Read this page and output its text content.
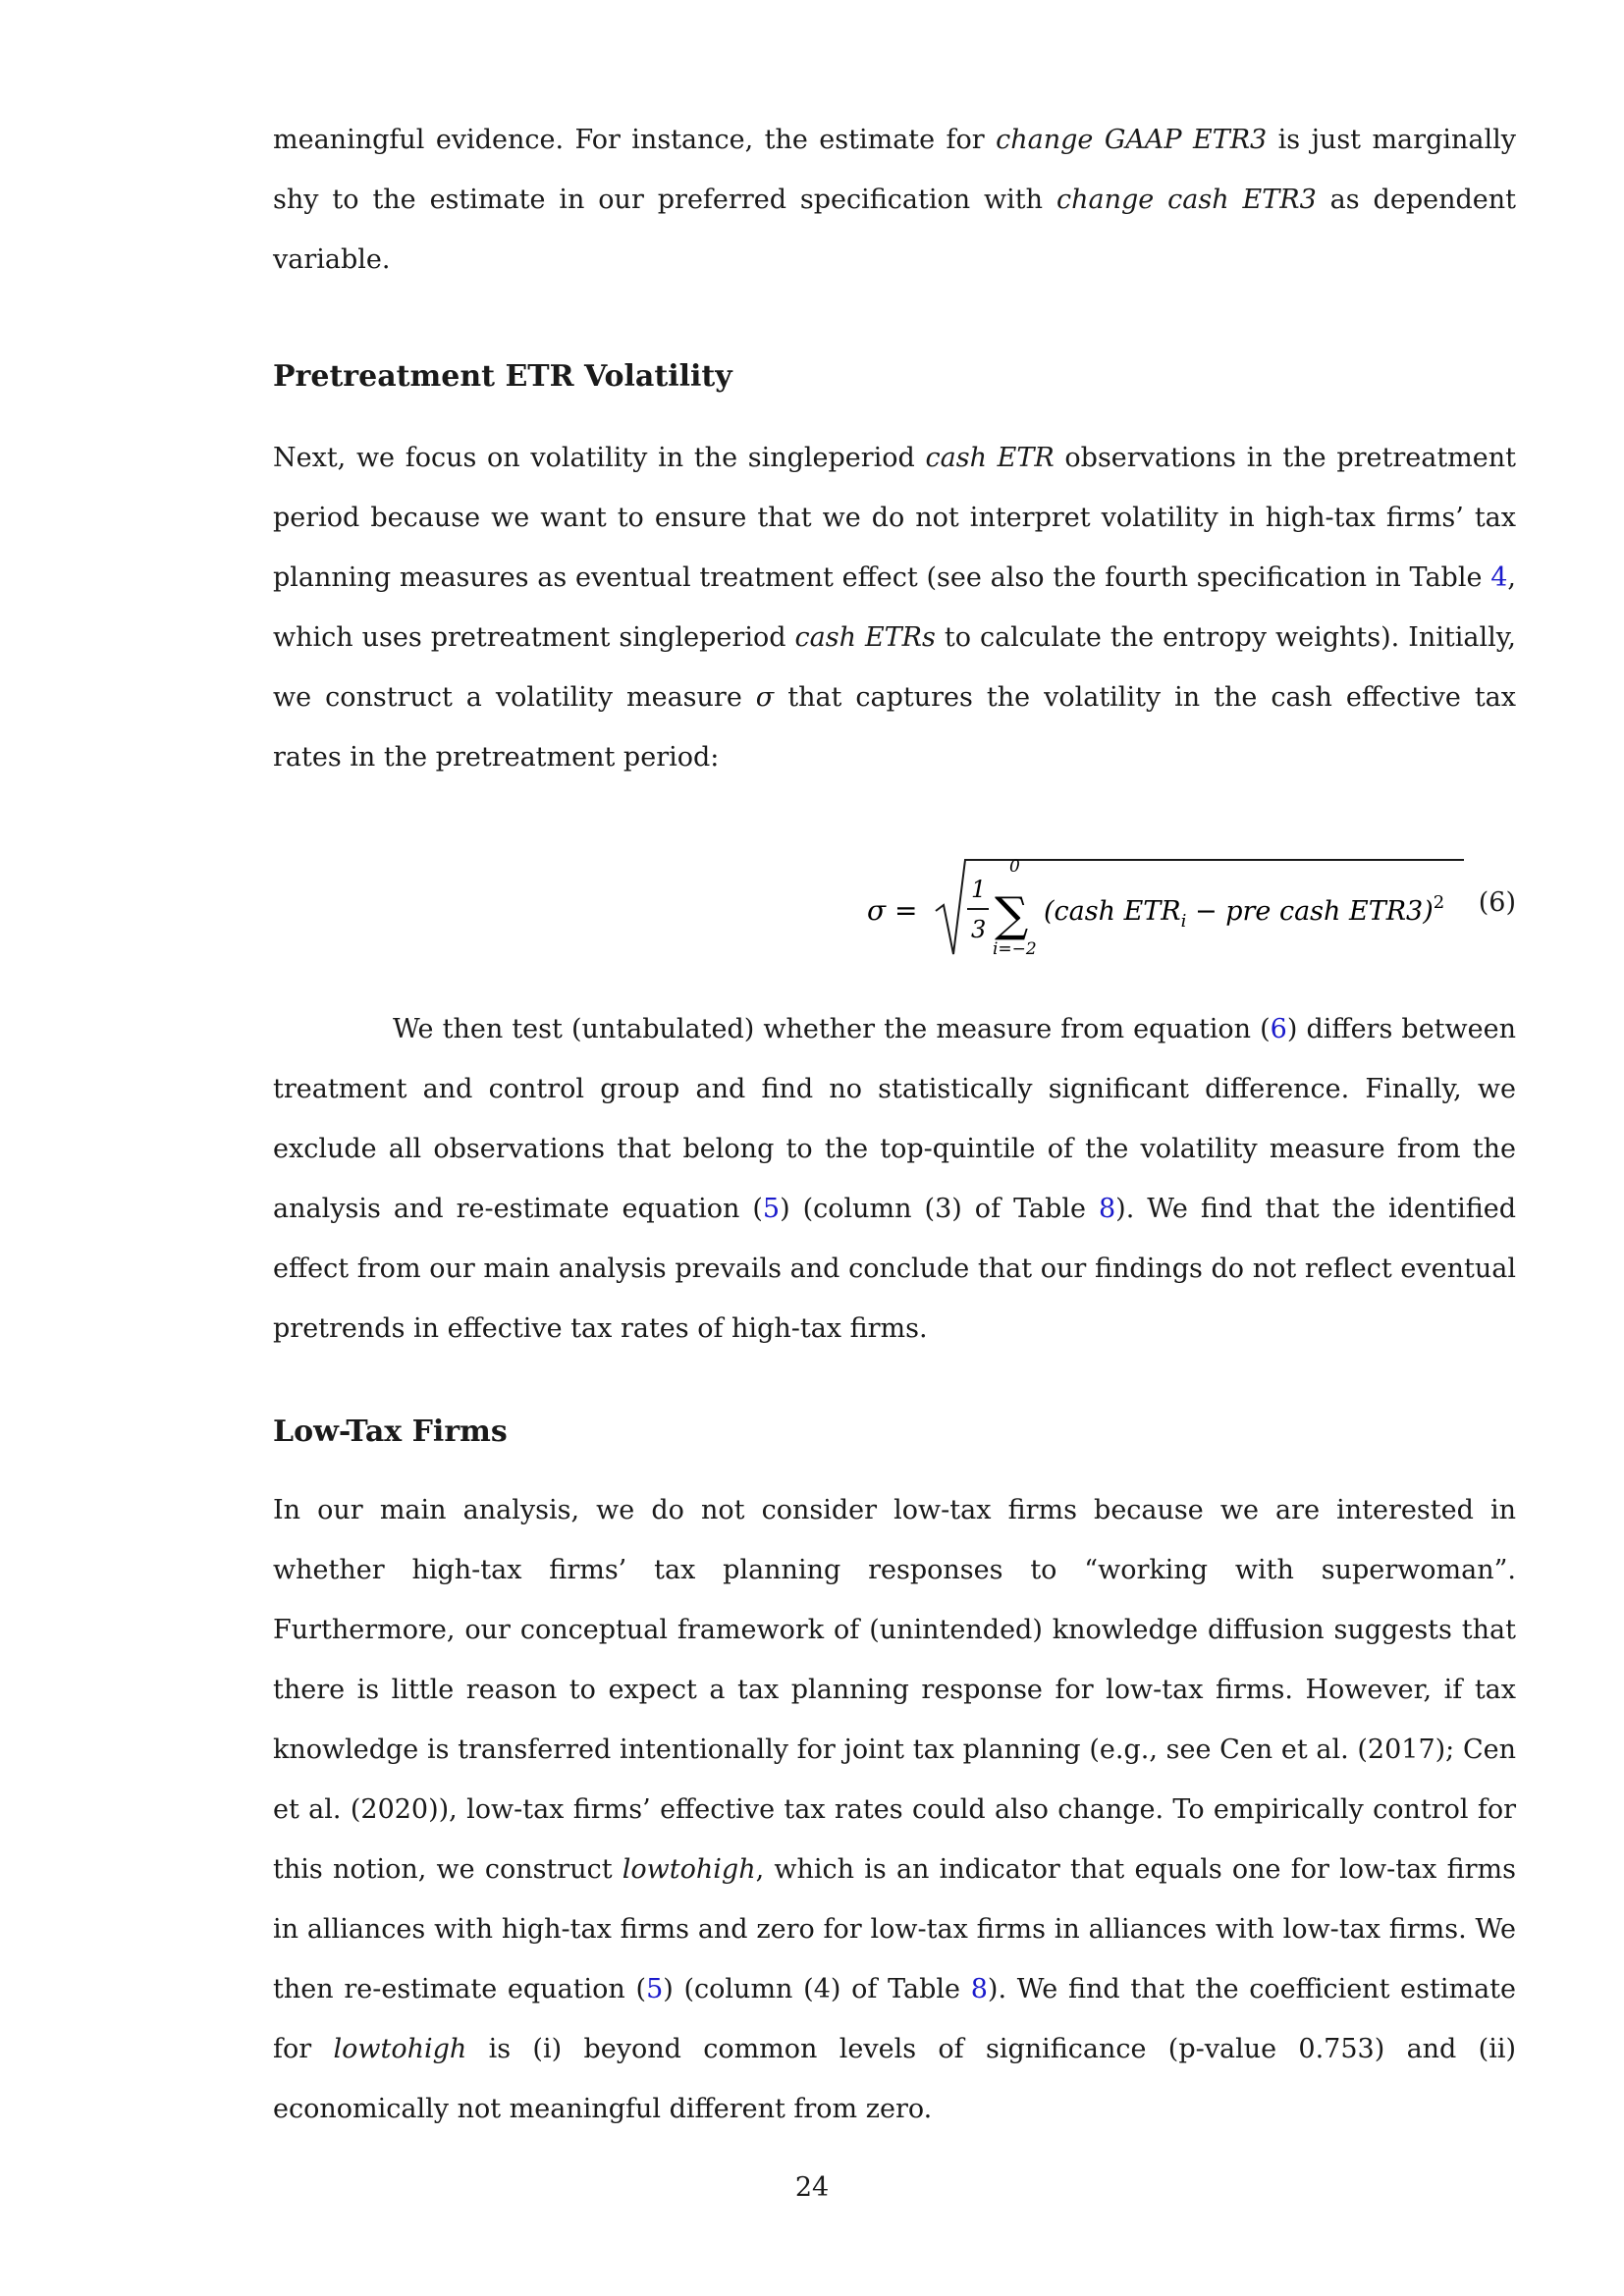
meaningful evidence. For instance, the estimate for change GAAP ETR3 is just marginally shy to the estimate in our preferred specification with change cash ETR3 as dependent variable.

Pretreatment ETR Volatility

Next, we focus on volatility in the singleperiod cash ETR observations in the pretreatment period because we want to ensure that we do not interpret volatility in high-tax firms’ tax planning measures as eventual treatment effect (see also the fourth specification in Table 4, which uses pretreatment singleperiod cash ETRs to calculate the entropy weights). Initially, we construct a volatility measure σ that captures the volatility in the cash effective tax rates in the pretreatment period:

σ =
1
3
0
∑
i=−2
(cash $ETR_i$ − pre cash ETR3)$^2$ (6)

We then test (untabulated) whether the measure from equation (6) differs between treatment and control group and find no statistically significant difference. Finally, we exclude all observations that belong to the top-quintile of the volatility measure from the analysis and re-estimate equation (5) (column (3) of Table 8). We find that the identified effect from our main analysis prevails and conclude that our findings do not reflect eventual pretrends in effective tax rates of high-tax firms.

Low-Tax Firms

In our main analysis, we do not consider low-tax firms because we are interested in whether high-tax firms’ tax planning responses to “working with superwoman”. Furthermore, our conceptual framework of (unintended) knowledge diffusion suggests that there is little reason to expect a tax planning response for low-tax firms. However, if tax knowledge is transferred intentionally for joint tax planning (e.g., see Cen et al. (2017); Cen et al. (2020)), low-tax firms’ effective tax rates could also change. To empirically control for this notion, we construct lowtohigh, which is an indicator that equals one for low-tax firms in alliances with high-tax firms and zero for low-tax firms in alliances with low-tax firms. We then re-estimate equation (5) (column (4) of Table 8). We find that the coefficient estimate for lowtohigh is (i) beyond common levels of significance (p-value 0.753) and (ii) economically not meaningful different from zero.

24
